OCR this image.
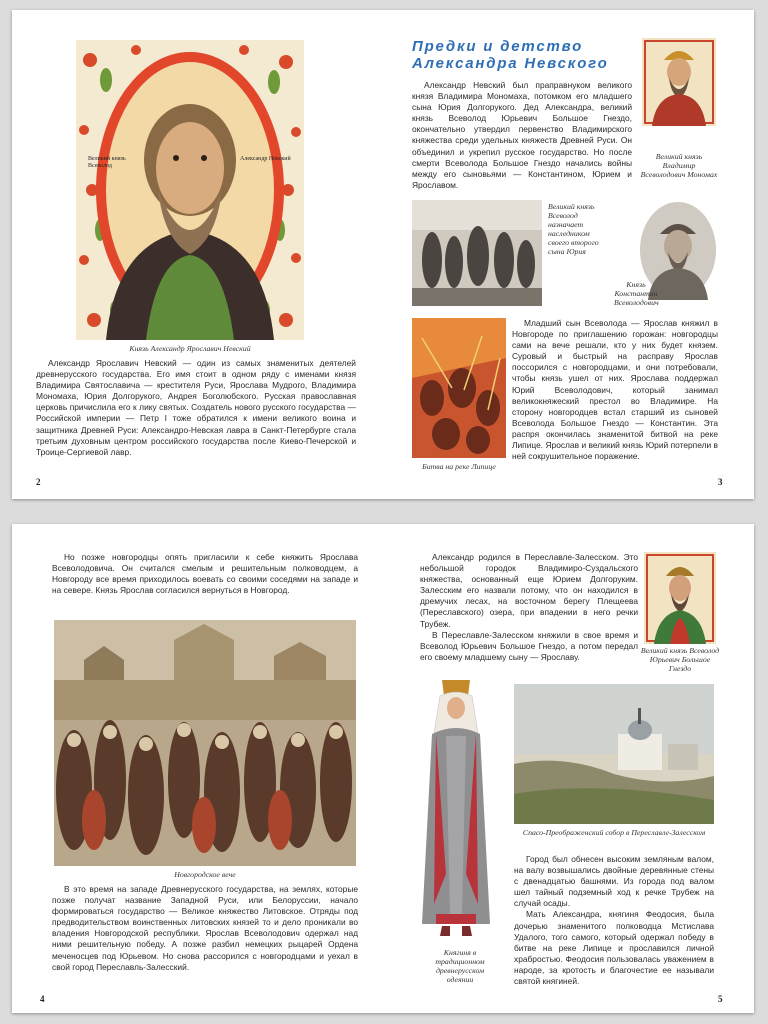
Великий князь Всеволод
Александр Невский
Князь Александр Ярославич Невский

Александр Ярославич Невский — один из самых знаменитых деятелей древнерусского государства. Его имя стоит в одном ряду с именами князя Владимира Святославича — крестителя Руси, Ярослава Мудрого, Владимира Мономаха, Юрия Долгорукого, Андрея Боголюбского. Русская православная церковь причислила его к лику святых. Создатель нового русского государства — Российской империи — Петр I тоже обратился к имени великого воина и защитника Древней Руси: Александро-Невская лавра в Санкт-Петербурге стала третьим духовным центром российского государства после Киево-Печерской и Троице-Сергиевой лавр.

2
Предки и детство
Александра Невского

Александр Невский был праправнуком великого князя Владимира Мономаха, потомком его младшего сына Юрия Долгорукого. Дед Александра, великий князь Всеволод Юрьевич Большое Гнездо, окончательно утвердил первенство Владимирского княжества среди удельных княжеств Древней Руси. Он объединил и укрепил русское государство. Но после смерти Всеволода Большое Гнездо начались войны между его сыновьями — Константином, Юрием и Ярославом.

Великий князь Владимир Всеволодович Мономах
Великий князь Всеволод назначает наследником своего второго сына Юрия
Князь Константин Всеволодович
Битва на реке Липице

Младший сын Всеволода — Ярослав княжил в Новгороде по приглашению горожан: новгородцы сами на вече решали, кто у них будет князем. Суровый и быстрый на расправу Ярослав поссорился с новгородцами, и они потребовали, чтобы князь ушел от них. Ярослава поддержал Юрий Всеволодович, который занимал великокняжеский престол во Владимире. На сторону новгородцев встал старший из сыновей Всеволода Большое Гнездо — Константин. Эта распря окончилась знаменитой битвой на реке Липице. Ярослав и великий князь Юрий потерпели в ней сокрушительное поражение.

3

Но позже новгородцы опять пригласили к себе княжить Ярослава Всеволодовича. Он считался смелым и решительным полководцем, а Новгороду все время приходилось воевать со своими соседями на западе и на севере. Князь Ярослав согласился вернуться в Новгород.

Новгородское вече

В это время на западе Древнерусского государства, на землях, которые позже получат название Западной Руси, или Белоруссии, начало формироваться государство — Великое княжество Литовское. Отряды под предводительством воинственных литовских князей то и дело проникали во владения Новгородской республики. Ярослав Всеволодович одержал над ними решительную победу. А позже разбил немецких рыцарей Ордена меченосцев под Юрьевом. Но снова рассорился с новгородцами и уехал в свой город Переславль-Залесский.

4

Александр родился в Переславле-Залесском. Это небольшой городок Владимиро-Суздальского княжества, основанный еще Юрием Долгоруким. Залесским его назвали потому, что он находился в дремучих лесах, на восточном берегу Плещеева (Переславского) озера, при впадении в него речки Трубеж.

В Переславле-Залесском княжили в свое время и Всеволод Юрьевич Большое Гнездо, а потом передал его своему младшему сыну — Ярославу.

Великий князь Всеволод Юрьевич Большое Гнездо
Княгиня в традиционном древнерусском одеянии
Спасо-Преображенский собор в Переславле-Залесском

Город был обнесен высоким земляным валом, на валу возвышались двойные деревянные стены с двенадцатью башнями. Из города под валом шел тайный подземный ход к речке Трубеж на случай осады.

Мать Александра, княгиня Феодосия, была дочерью знаменитого полководца Мстислава Удалого, того самого, который одержал победу в битве на реке Липице и прославился личной храбростью. Феодосия пользовалась уважением в народе, за кротость и благочестие ее называли святой княгиней.

5
